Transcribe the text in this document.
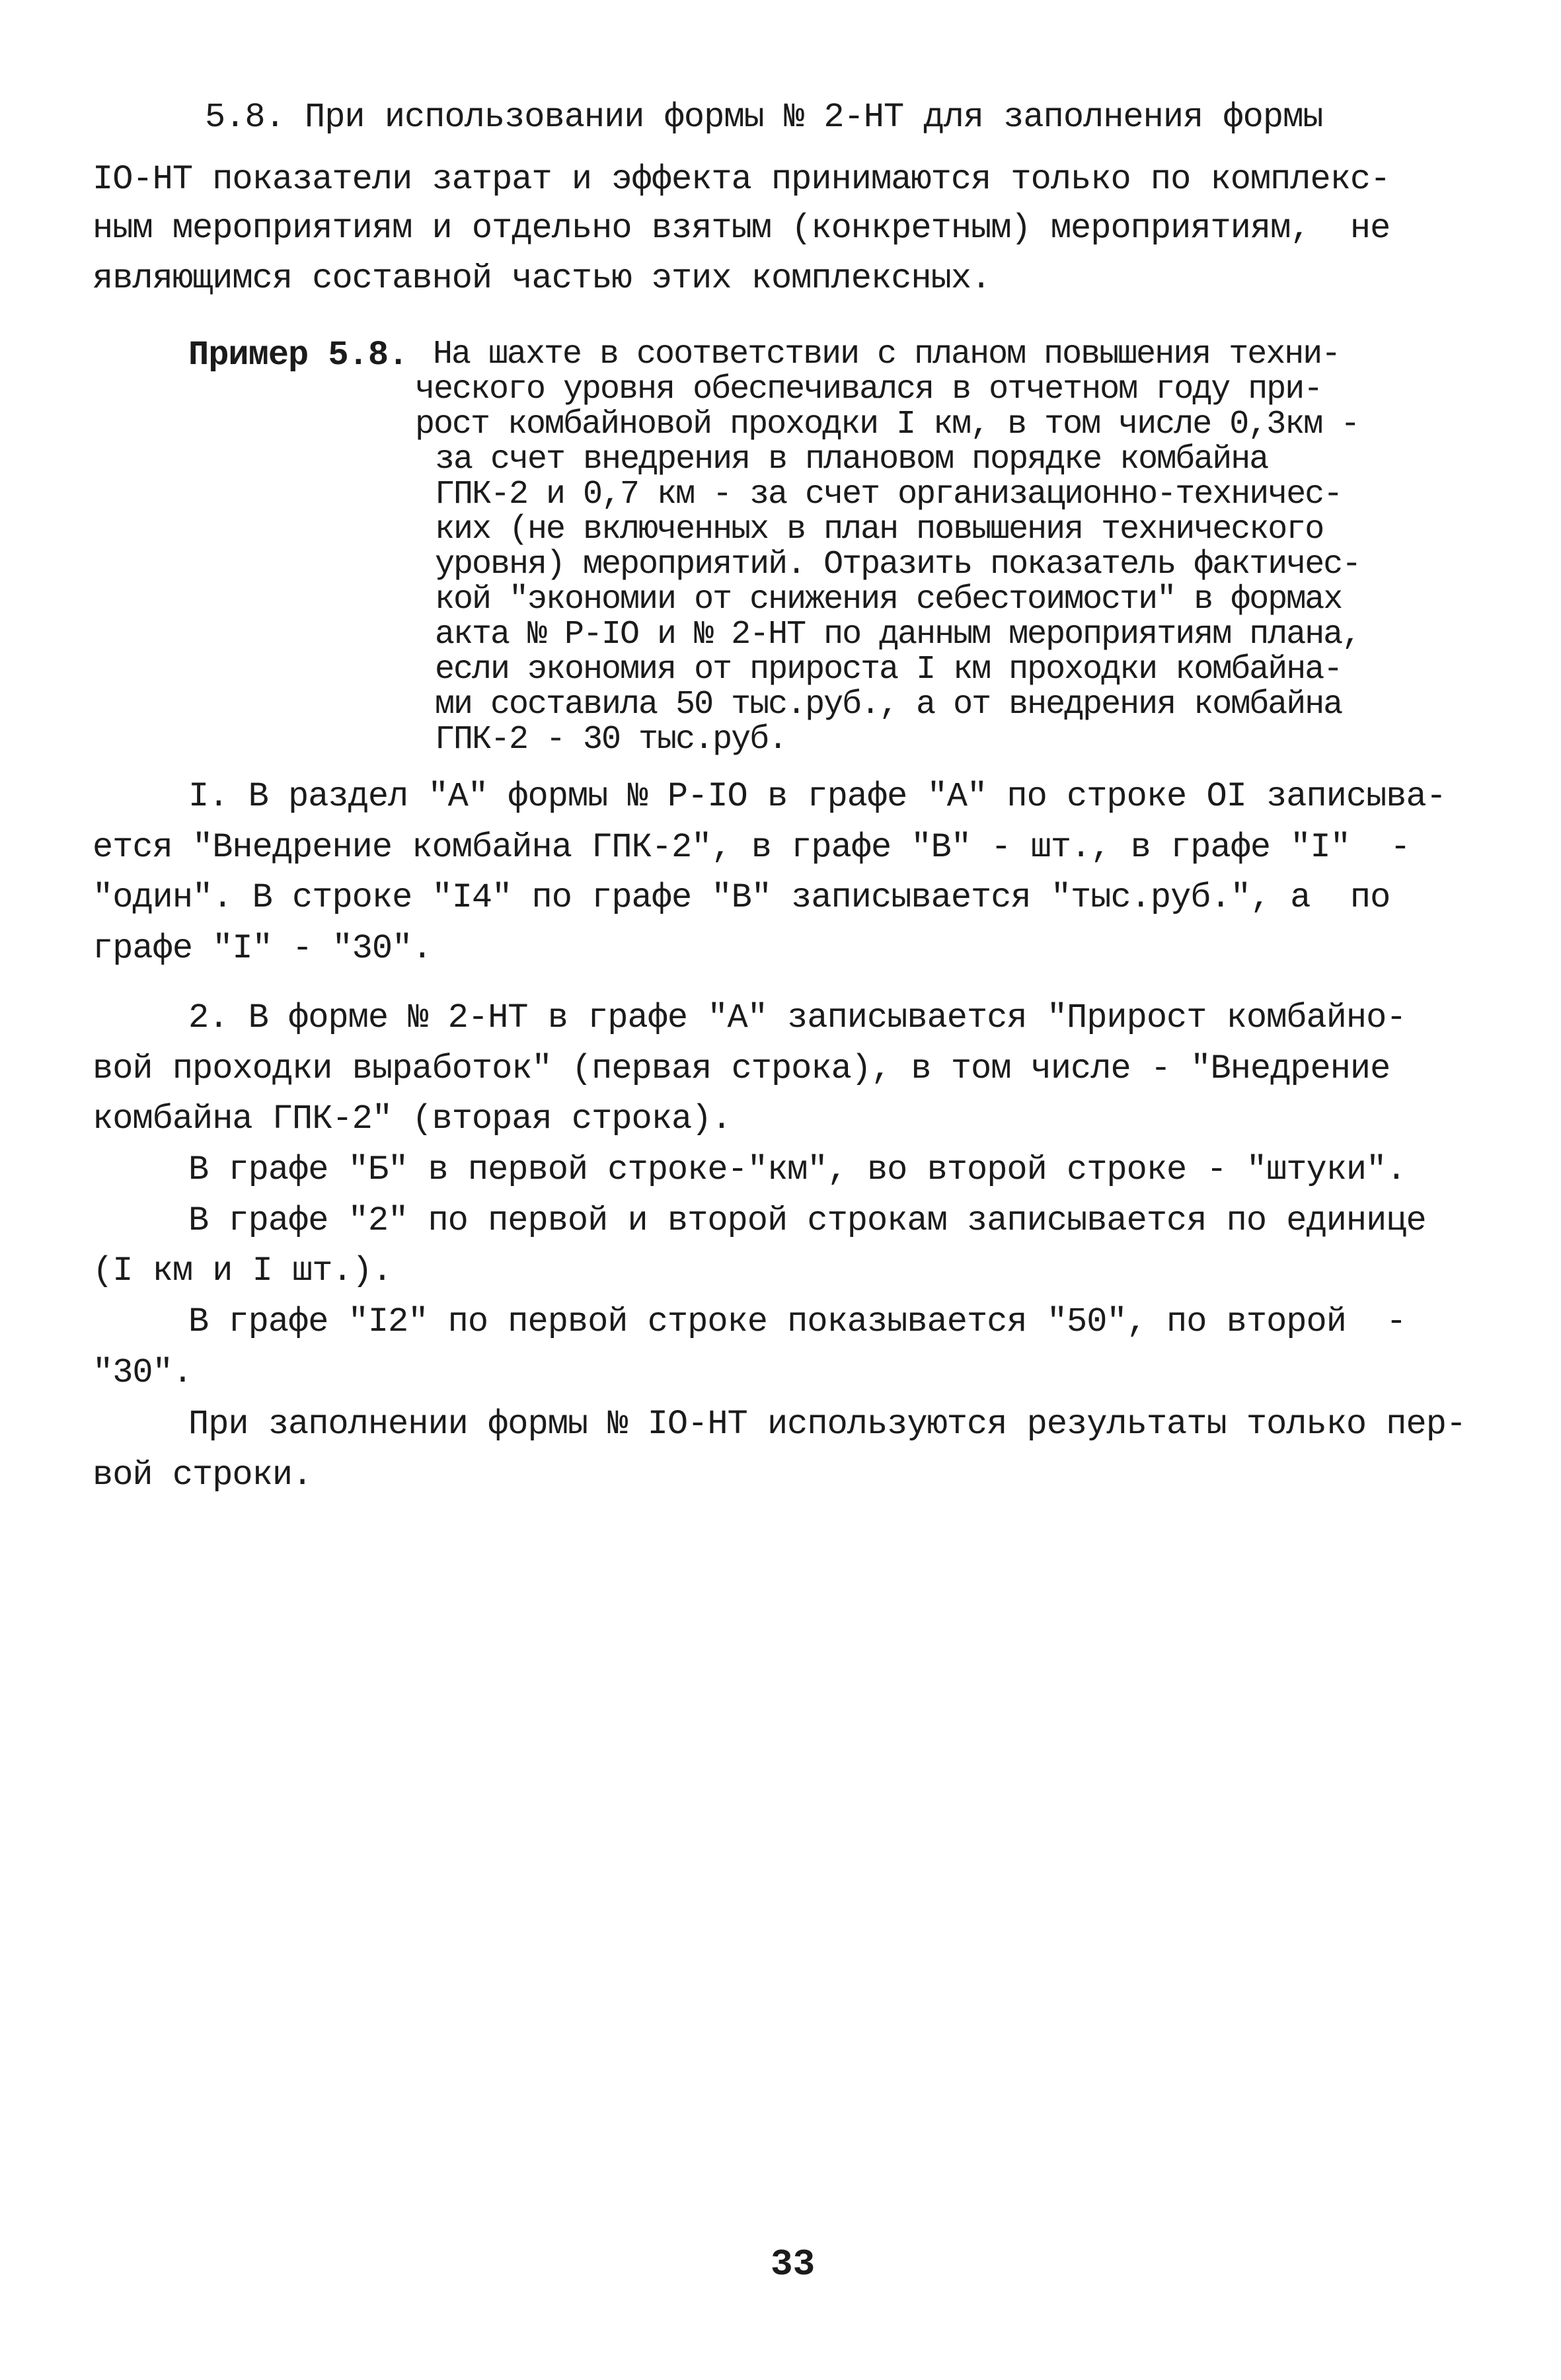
5.8. При использовании формы № 2-НТ для заполнения формы
IO-НТ показатели затрат и эффекта принимаются только по комплекс-
ным мероприятиям и отдельно взятым (конкретным) мероприятиям,  не
являющимся составной частью этих комплексных.
Пример 5.8. На шахте в соответствии с планом повышения техни-
ческого уровня обеспечивался в отчетном году при-
рост комбайновой проходки I км, в том числе 0,3км -
за счет внедрения в плановом порядке комбайна
ГПК-2 и 0,7 км - за счет организационно-техничес-
ких (не включенных в план повышения технического
уровня) мероприятий. Отразить показатель фактичес-
кой "экономии от снижения себестоимости" в формах
акта № Р-IO и № 2-НТ по данным мероприятиям плана,
если экономия от прироста I км проходки комбайна-
ми составила 50 тыс.руб., а от внедрения комбайна
ГПК-2 - 30 тыс.руб.
I. В раздел "А" формы № Р-IO в графе "А" по строке OI записыва-
ется "Внедрение комбайна ГПК-2", в графе "В" - шт., в графе "I"  -
"один". В строке "I4" по графе "В" записывается "тыс.руб.", а  по
графе "I" - "30".
2. В форме № 2-НТ в графе "А" записывается "Прирост комбайно-
вой проходки выработок" (первая строка), в том числе - "Внедрение
комбайна ГПК-2" (вторая строка).
В графе "Б" в первой строке-"км", во второй строке - "штуки".
В графе "2" по первой и второй строкам записывается по единице
(I км и I шт.).
В графе "I2" по первой строке показывается "50", по второй  -
"30".
При заполнении формы № IO-НТ используются результаты только пер-
вой строки.
33
